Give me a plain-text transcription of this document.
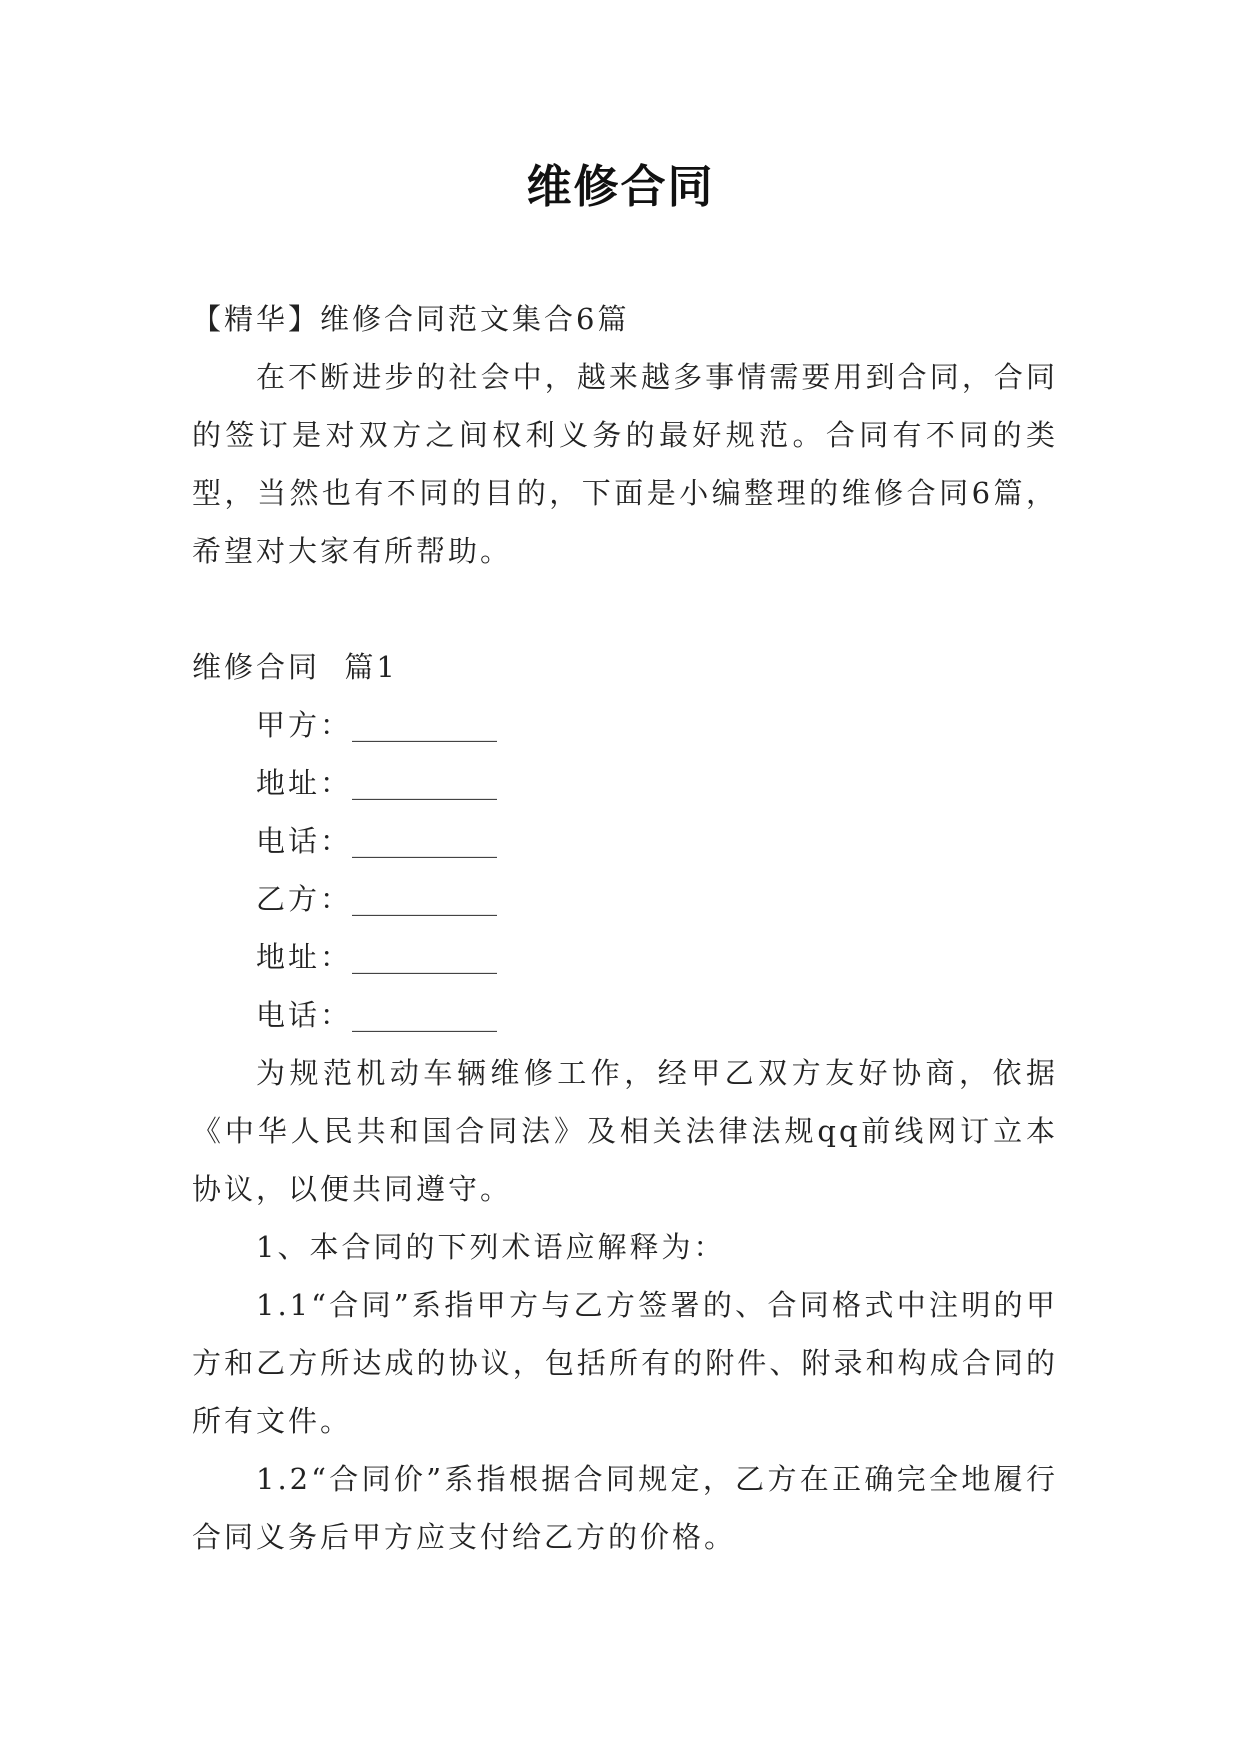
维修合同

【精华】维修合同范文集合6篇

在不断进步的社会中，越来越多事情需要用到合同，合同的签订是对双方之间权利义务的最好规范。合同有不同的类型，当然也有不同的目的，下面是小编整理的维修合同6篇，希望对大家有所帮助。

维修合同  篇1

甲方：__________

地址：__________

电话：__________

乙方：__________

地址：__________

电话：__________

为规范机动车辆维修工作，经甲乙双方友好协商，依据《中华人民共和国合同法》及相关法律法规qq前线网订立本协议，以便共同遵守。

1、本合同的下列术语应解释为：

1.1“合同”系指甲方与乙方签署的、合同格式中注明的甲方和乙方所达成的协议，包括所有的附件、附录和构成合同的所有文件。

1.2“合同价”系指根据合同规定，乙方在正确完全地履行合同义务后甲方应支付给乙方的价格。
